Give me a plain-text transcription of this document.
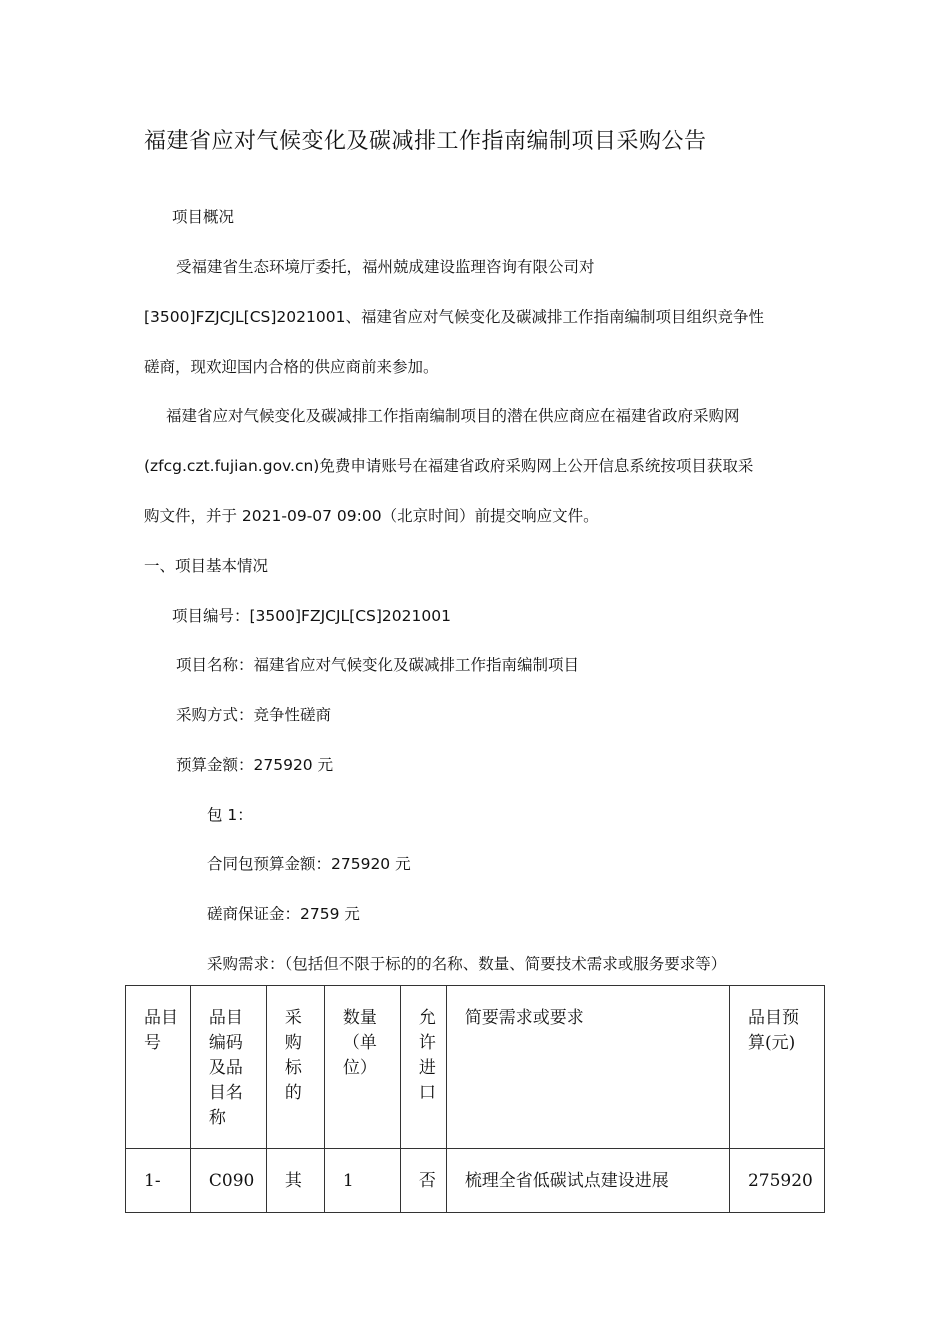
福建省应对气候变化及碳减排工作指南编制项目采购公告
项目概况
受福建省生态环境厅委托，福州兢成建设监理咨询有限公司对
[3500]FZJCJL[CS]2021001、福建省应对气候变化及碳减排工作指南编制项目组织竞争性
磋商，现欢迎国内合格的供应商前来参加。
福建省应对气候变化及碳减排工作指南编制项目的潜在供应商应在福建省政府采购网
(zfcg.czt.fujian.gov.cn)免费申请账号在福建省政府采购网上公开信息系统按项目获取采
购文件，并于 2021-09-07 09:00（北京时间）前提交响应文件。
一、项目基本情况
项目编号：[3500]FZJCJL[CS]2021001
项目名称：福建省应对气候变化及碳减排工作指南编制项目
采购方式：竞争性磋商
预算金额：275920 元
包 1：
合同包预算金额：275920 元
磋商保证金：2759 元
采购需求：（包括但不限于标的的名称、数量、简要技术需求或服务要求等）
品目号	品目编码及品目名称	采购标的	数量（单位）	允许进口	简要需求或要求	品目预算(元)
1-	C090	其	1	否	梳理全省低碳试点建设进展	275920
